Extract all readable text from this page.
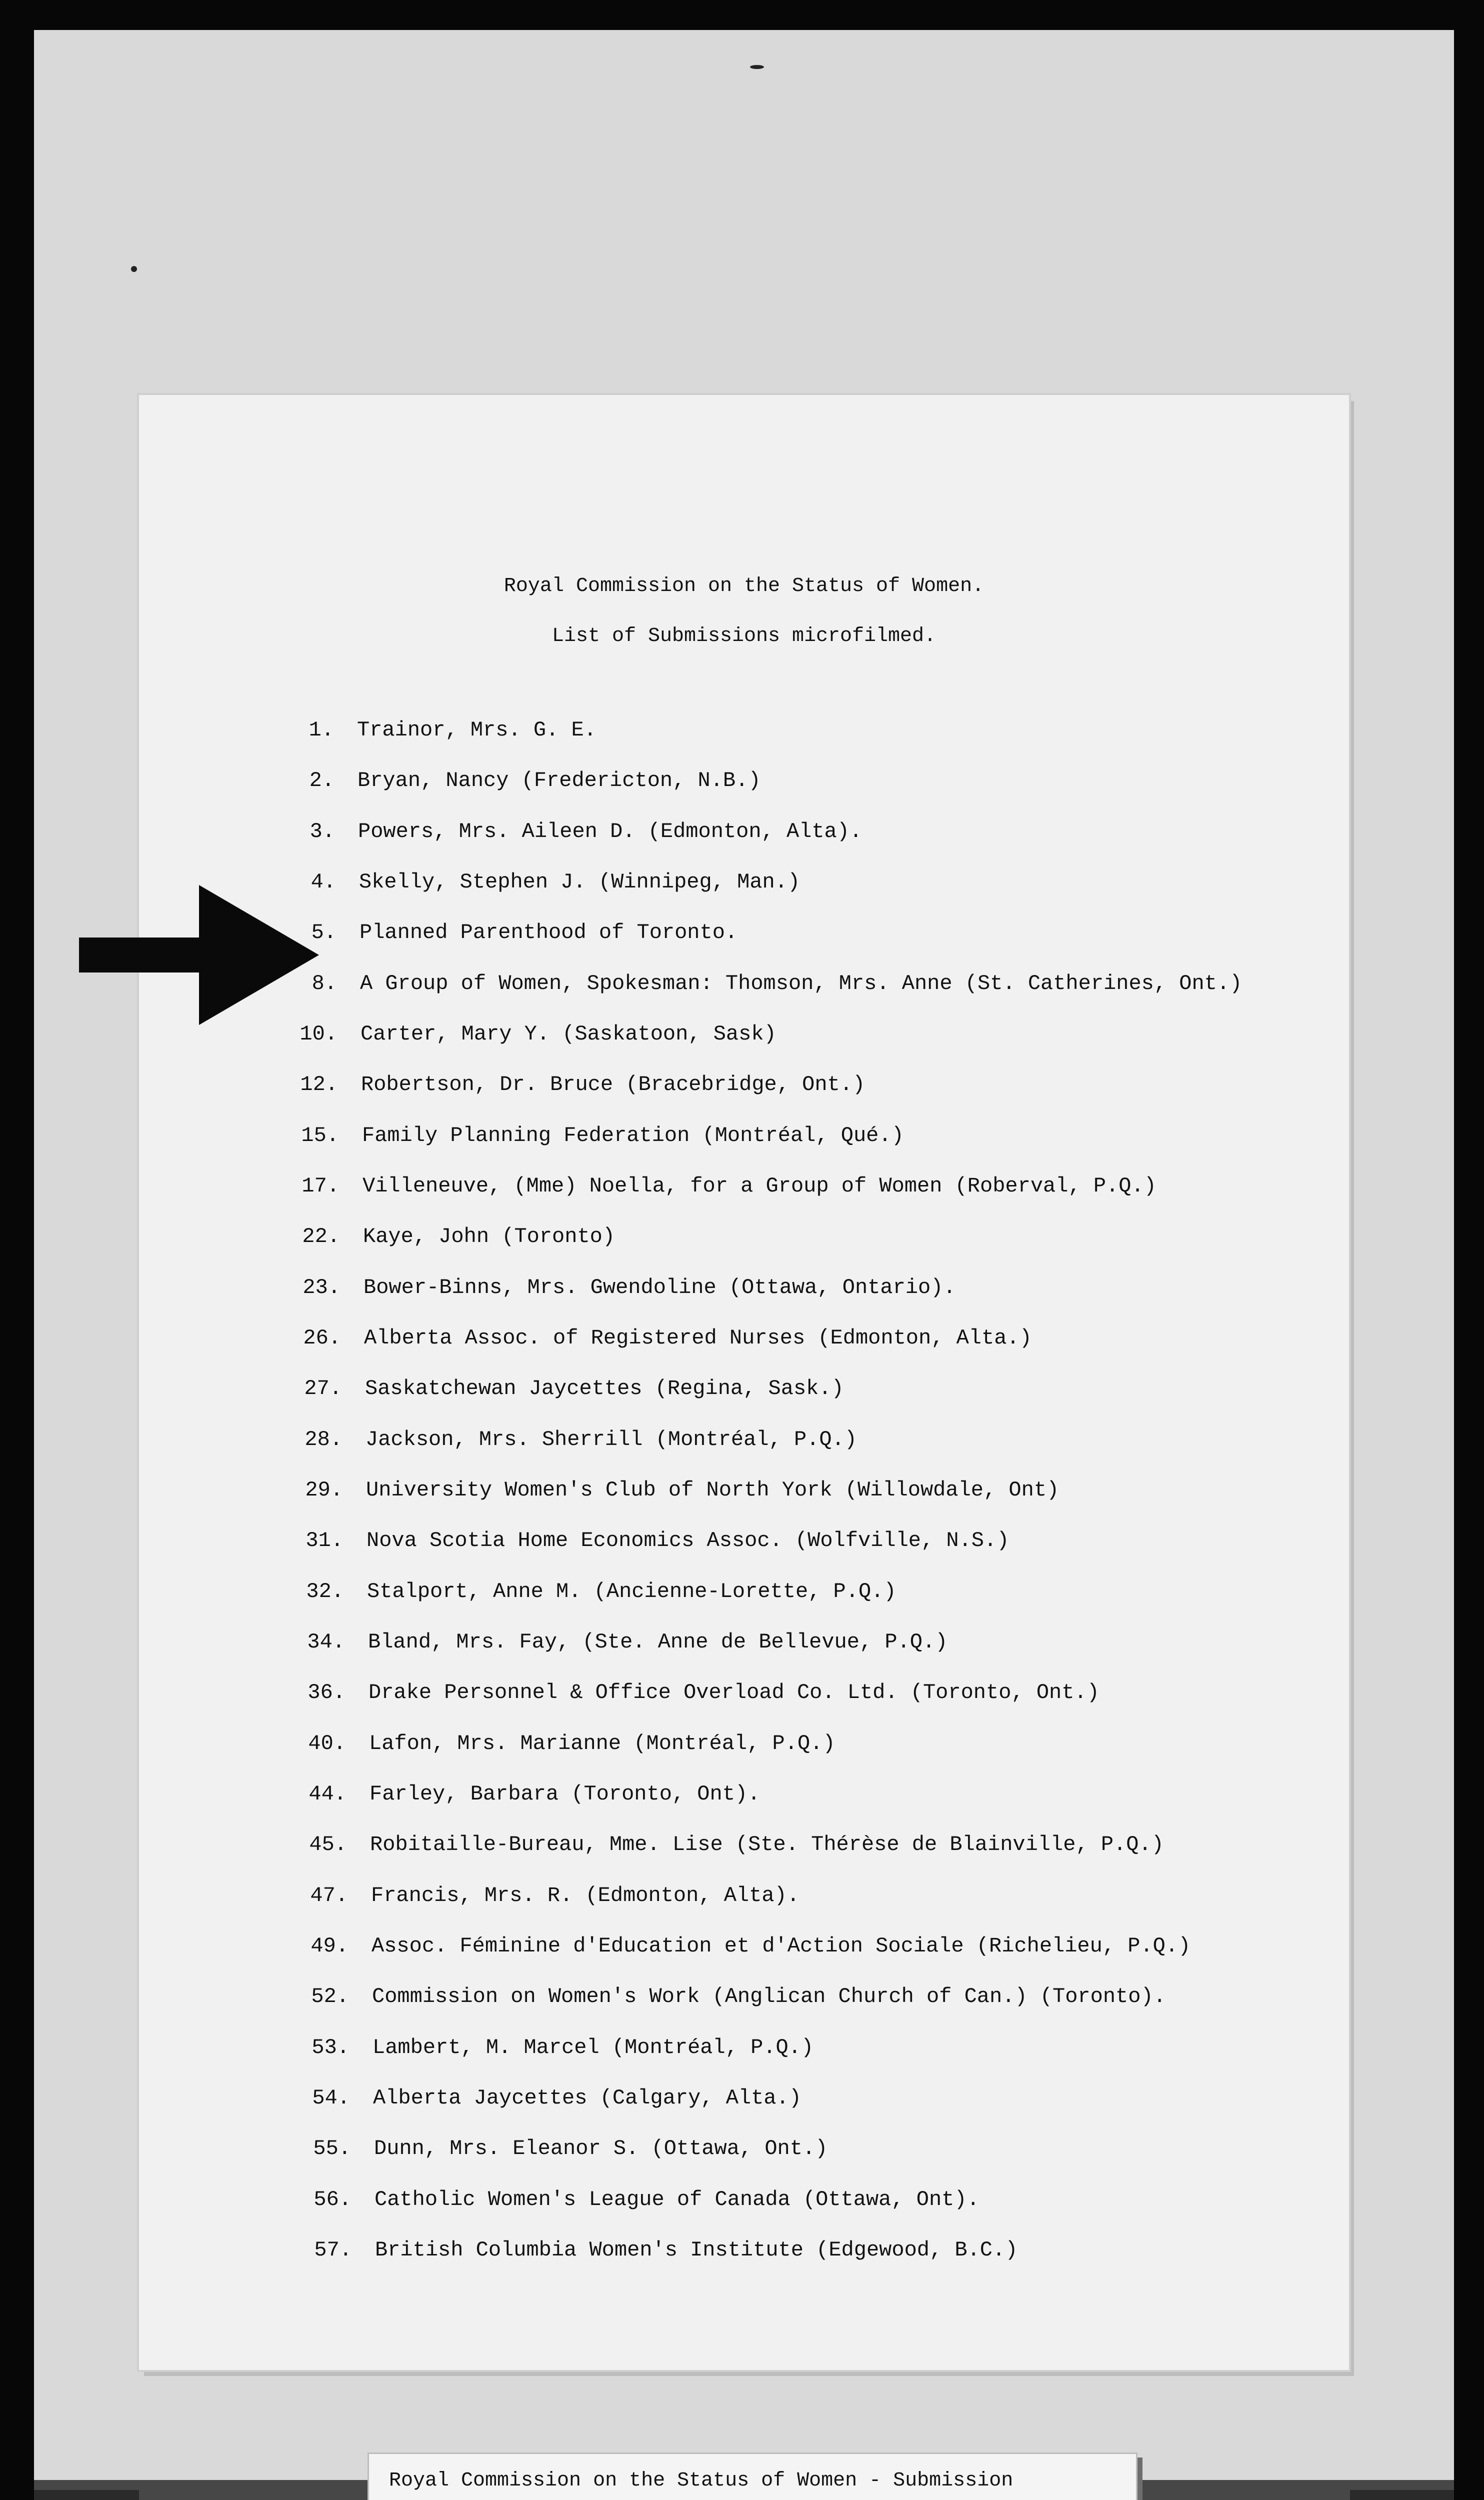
Royal Commission on the Status of Women.
List of Submissions microfilmed.
1. Trainor, Mrs. G. E.
2. Bryan, Nancy (Fredericton, N.B.)
3. Powers, Mrs. Aileen D. (Edmonton, Alta).
4. Skelly, Stephen J. (Winnipeg, Man.)
5. Planned Parenthood of Toronto.
8. A Group of Women, Spokesman: Thomson, Mrs. Anne (St. Catherines, Ont.)
10. Carter, Mary Y. (Saskatoon, Sask)
12. Robertson, Dr. Bruce (Bracebridge, Ont.)
15. Family Planning Federation (Montréal, Qué.)
17. Villeneuve, (Mme) Noella, for a Group of Women (Roberval, P.Q.)
22. Kaye, John (Toronto)
23. Bower-Binns, Mrs. Gwendoline (Ottawa, Ontario).
26. Alberta Assoc. of Registered Nurses (Edmonton, Alta.)
27. Saskatchewan Jaycettes (Regina, Sask.)
28. Jackson, Mrs. Sherrill (Montréal, P.Q.)
29. University Women's Club of North York (Willowdale, Ont)
31. Nova Scotia Home Economics Assoc. (Wolfville, N.S.)
32. Stalport, Anne M. (Ancienne-Lorette, P.Q.)
34. Bland, Mrs. Fay, (Ste. Anne de Bellevue, P.Q.)
36. Drake Personnel & Office Overload Co. Ltd. (Toronto, Ont.)
40. Lafon, Mrs. Marianne (Montréal, P.Q.)
44. Farley, Barbara (Toronto, Ont).
45. Robitaille-Bureau, Mme. Lise (Ste. Thérèse de Blainville, P.Q.)
47. Francis, Mrs. R. (Edmonton, Alta).
49. Assoc. Féminine d'Education et d'Action Sociale (Richelieu, P.Q.)
52. Commission on Women's Work (Anglican Church of Can.) (Toronto).
53. Lambert, M. Marcel (Montréal, P.Q.)
54. Alberta Jaycettes (Calgary, Alta.)
55. Dunn, Mrs. Eleanor S. (Ottawa, Ont.)
56. Catholic Women's League of Canada (Ottawa, Ont).
57. British Columbia Women's Institute (Edgewood, B.C.)
Royal Commission on the Status of Women - Submission
